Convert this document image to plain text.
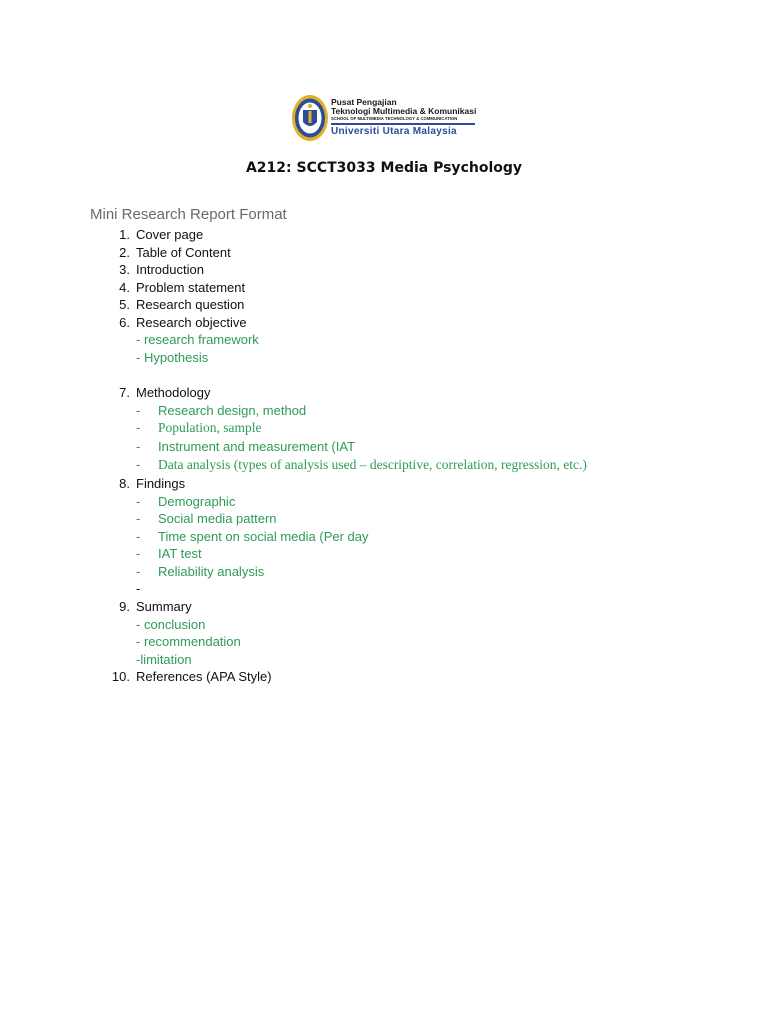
Pusat Pengajian
Teknologi Multimedia & Komunikasi
SCHOOL OF MULTIMEDIA TECHNOLOGY & COMMUNICATION
Universiti Utara Malaysia
A212: SCCT3033 Media Psychology
Mini Research Report Format
1. Cover page
2. Table of Content
3. Introduction
4. Problem statement
5. Research question
6. Research objective
- research framework
- Hypothesis
7. Methodology
- Research design, method
- Population, sample
- Instrument and measurement (IAT
- Data analysis (types of analysis used – descriptive, correlation, regression, etc.)
8. Findings
- Demographic
- Social media pattern
- Time spent on social media (Per day
- IAT test
- Reliability analysis
-
9. Summary
- conclusion
- recommendation
-limitation
10. References (APA Style)
